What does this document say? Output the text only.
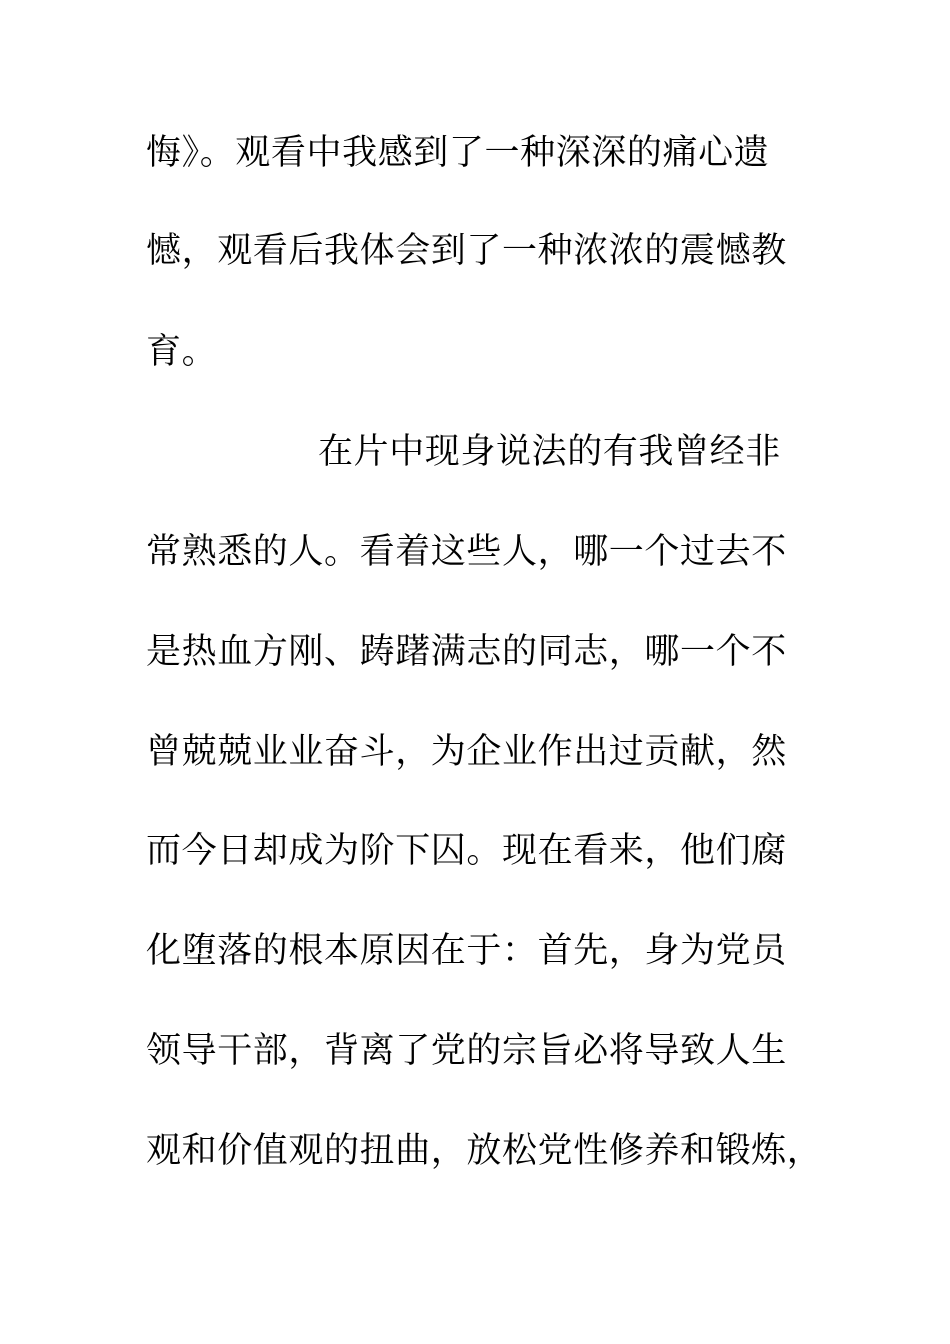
悔》。观看中我感到了一种深深的痛心遗
憾，观看后我体会到了一种浓浓的震憾教
育。
在片中现身说法的有我曾经非
常熟悉的人。看着这些人，哪一个过去不
是热血方刚、踌躇满志的同志，哪一个不
曾兢兢业业奋斗，为企业作出过贡献，然
而今日却成为阶下囚。现在看来，他们腐
化堕落的根本原因在于：首先，身为党员
领导干部，背离了党的宗旨必将导致人生
观和价值观的扭曲，放松党性修养和锻炼，
